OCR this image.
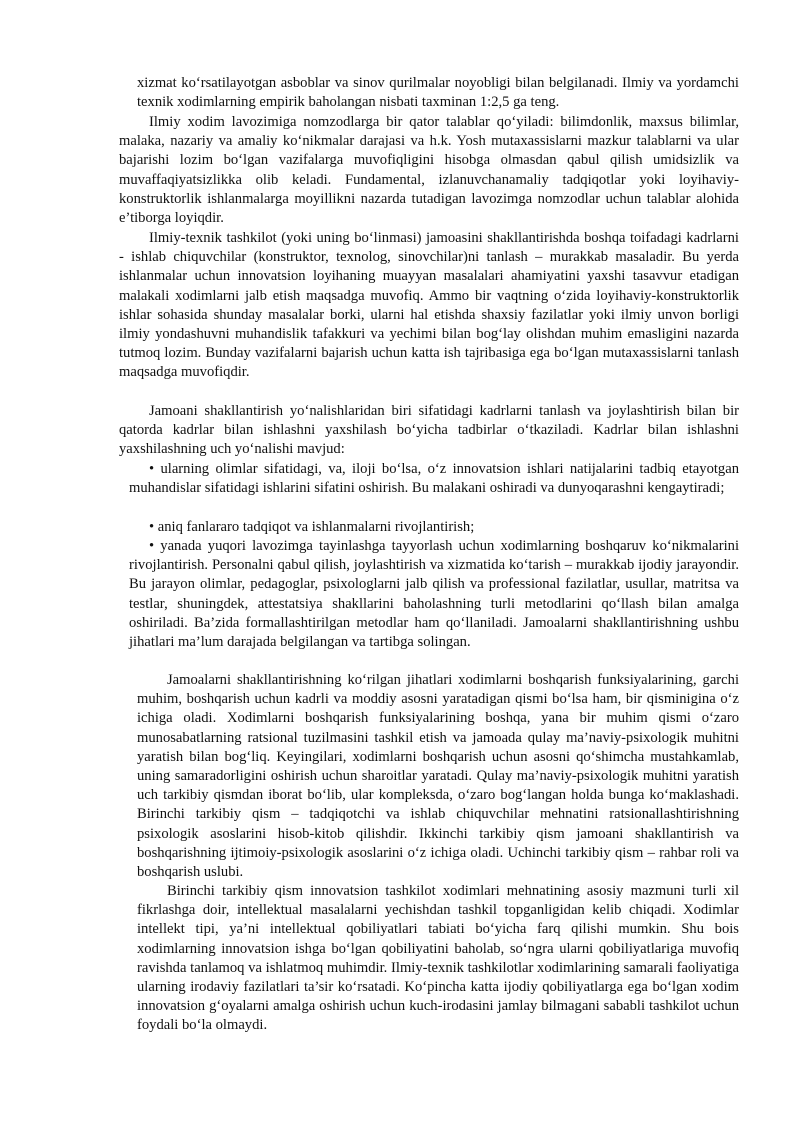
xizmat ko‘rsatilayotgan asboblar va sinov qurilmalar noyobligi bilan belgilanadi. Ilmiy va yordamchi texnik xodimlarning empirik baholangan nisbati taxminan 1:2,5 ga teng.

Ilmiy xodim lavozimiga nomzodlarga bir qator talablar qo‘yiladi: bilimdonlik, maxsus bilimlar, malaka, nazariy va amaliy ko‘nikmalar darajasi va h.k. Yosh mutaxassislarni mazkur talablarni va ular bajarishi lozim bo‘lgan vazifalarga muvofiqligini hisobga olmasdan qabul qilish umidsizlik va muvaffaqiyatsizlikka olib keladi. Fundamental, izlanuvchanamaliy tadqiqotlar yoki loyihaviy-konstruktorlik ishlanmalarga moyillikni nazarda tutadigan lavozimga nomzodlar uchun talablar alohida e’tiborga loyiqdir.

Ilmiy-texnik tashkilot (yoki uning bo‘linmasi) jamoasini shakllantirishda boshqa toifadagi kadrlarni - ishlab chiquvchilar (konstruktor, texnolog, sinovchilar)ni tanlash – murakkab masaladir. Bu yerda ishlanmalar uchun innovatsion loyihaning muayyan masalalari ahamiyatini yaxshi tasavvur etadigan malakali xodimlarni jalb etish maqsadga muvofiq. Ammo bir vaqtning o‘zida loyihaviy-konstruktorlik ishlar sohasida shunday masalalar borki, ularni hal etishda shaxsiy fazilatlar yoki ilmiy unvon borligi ilmiy yondashuvni muhandislik tafakkuri va yechimi bilan bog‘lay olishdan muhim emasligini nazarda tutmoq lozim. Bunday vazifalarni bajarish uchun katta ish tajribasiga ega bo‘lgan mutaxassislarni tanlash maqsadga muvofiqdir.

Jamoani shakllantirish yo‘nalishlaridan biri sifatidagi kadrlarni tanlash va joylashtirish bilan bir qatorda kadrlar bilan ishlashni yaxshilash bo‘yicha tadbirlar o‘tkaziladi. Kadrlar bilan ishlashni yaxshilashning uch yo‘nalishi mavjud:

• ularning olimlar sifatidagi, va, iloji bo‘lsa, o‘z innovatsion ishlari natijalarini tadbiq etayotgan muhandislar sifatidagi ishlarini sifatini oshirish. Bu malakani oshiradi va dunyoqarashni kengaytiradi;

• aniq fanlararo tadqiqot va ishlanmalarni rivojlantirish;

• yanada yuqori lavozimga tayinlashga tayyorlash uchun xodimlarning boshqaruv ko‘nikmalarini rivojlantirish. Personalni qabul qilish, joylashtirish va xizmatida ko‘tarish – murakkab ijodiy jarayondir. Bu jarayon olimlar, pedagoglar, psixologlarni jalb qilish va professional fazilatlar, usullar, matritsa va testlar, shuningdek, attestatsiya shakllarini baholashning turli metodlarini qo‘llash bilan amalga oshiriladi. Ba’zida formallashtirilgan metodlar ham qo‘llaniladi. Jamoalarni shakllantirishning ushbu jihatlari ma’lum darajada belgilangan va tartibga solingan.

Jamoalarni shakllantirishning ko‘rilgan jihatlari xodimlarni boshqarish funksiyalarining, garchi muhim, boshqarish uchun kadrli va moddiy asosni yaratadigan qismi bo‘lsa ham, bir qisminigina o‘z ichiga oladi. Xodimlarni boshqarish funksiyalarining boshqa, yana bir muhim qismi o‘zaro munosabatlarning ratsional tuzilmasini tashkil etish va jamoada qulay ma’naviy-psixologik muhitni yaratish bilan bog‘liq. Keyingilari, xodimlarni boshqarish uchun asosni qo‘shimcha mustahkamlab, uning samaradorligini oshirish uchun sharoitlar yaratadi. Qulay ma’naviy-psixologik muhitni yaratish uch tarkibiy qismdan iborat bo‘lib, ular kompleksda, o‘zaro bog‘langan holda bunga ko‘maklashadi. Birinchi tarkibiy qism – tadqiqotchi va ishlab chiquvchilar mehnatini ratsionallashtirishning psixologik asoslarini hisob-kitob qilishdir. Ikkinchi tarkibiy qism jamoani shakllantirish va boshqarishning ijtimoiy-psixologik asoslarini o‘z ichiga oladi. Uchinchi tarkibiy qism – rahbar roli va boshqarish uslubi.

Birinchi tarkibiy qism innovatsion tashkilot xodimlari mehnatining asosiy mazmuni turli xil fikrlashga doir, intellektual masalalarni yechishdan tashkil topganligidan kelib chiqadi. Xodimlar intellekt tipi, ya’ni intellektual qobiliyatlari tabiati bo‘yicha farq qilishi mumkin. Shu bois xodimlarning innovatsion ishga bo‘lgan qobiliyatini baholab, so‘ngra ularni qobiliyatlariga muvofiq ravishda tanlamoq va ishlatmoq muhimdir. Ilmiy-texnik tashkilotlar xodimlarining samarali faoliyatiga ularning irodaviy fazilatlari ta’sir ko‘rsatadi. Ko‘pincha katta ijodiy qobiliyatlarga ega bo‘lgan xodim innovatsion g‘oyalarni amalga oshirish uchun kuch-irodasini jamlay bilmagani sababli tashkilot uchun foydali bo‘la olmaydi.
